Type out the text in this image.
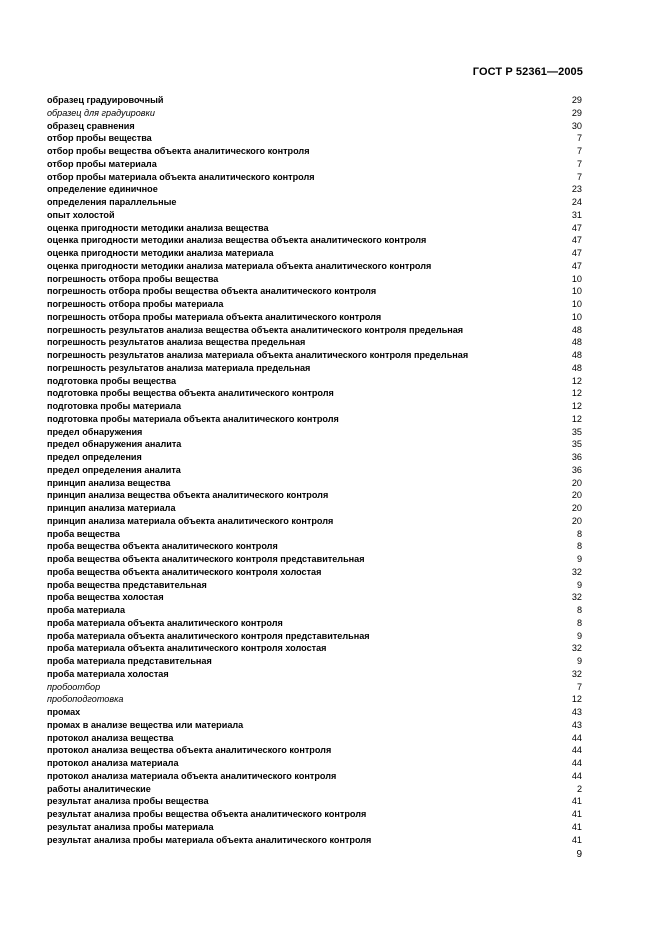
ГОСТ Р 52361—2005
образец градуировочный	29
образец для градуировки	29
образец сравнения	30
отбор пробы вещества	7
отбор пробы вещества объекта аналитического контроля	7
отбор пробы материала	7
отбор пробы материала объекта аналитического контроля	7
определение единичное	23
определения параллельные	24
опыт холостой	31
оценка пригодности методики анализа вещества	47
оценка пригодности методики анализа вещества объекта аналитического контроля	47
оценка пригодности методики анализа материала	47
оценка пригодности методики анализа материала объекта аналитического контроля	47
погрешность отбора пробы вещества	10
погрешность отбора пробы вещества объекта аналитического контроля	10
погрешность отбора пробы материала	10
погрешность отбора пробы материала объекта аналитического контроля	10
погрешность результатов анализа вещества объекта аналитического контроля предельная	48
погрешность результатов анализа вещества предельная	48
погрешность результатов анализа материала объекта аналитического контроля предельная	48
погрешность результатов анализа материала предельная	48
подготовка пробы вещества	12
подготовка пробы вещества объекта аналитического контроля	12
подготовка пробы материала	12
подготовка пробы материала объекта аналитического контроля	12
предел обнаружения	35
предел обнаружения аналита	35
предел определения	36
предел определения аналита	36
принцип анализа вещества	20
принцип анализа вещества объекта аналитического контроля	20
принцип анализа материала	20
принцип анализа материала объекта аналитического контроля	20
проба вещества	8
проба вещества объекта аналитического контроля	8
проба вещества объекта аналитического контроля представительная	9
проба вещества объекта аналитического контроля холостая	32
проба вещества представительная	9
проба вещества холостая	32
проба материала	8
проба материала объекта аналитического контроля	8
проба материала объекта аналитического контроля представительная	9
проба материала объекта аналитического контроля холостая	32
проба материала представительная	9
проба материала холостая	32
пробоотбор	7
пробоподготовка	12
промах	43
промах в анализе вещества или материала	43
протокол анализа вещества	44
протокол анализа вещества объекта аналитического контроля	44
протокол анализа материала	44
протокол анализа материала объекта аналитического контроля	44
работы аналитические	2
результат анализа пробы вещества	41
результат анализа пробы вещества объекта аналитического контроля	41
результат анализа пробы материала	41
результат анализа пробы материала объекта аналитического контроля	41
9
